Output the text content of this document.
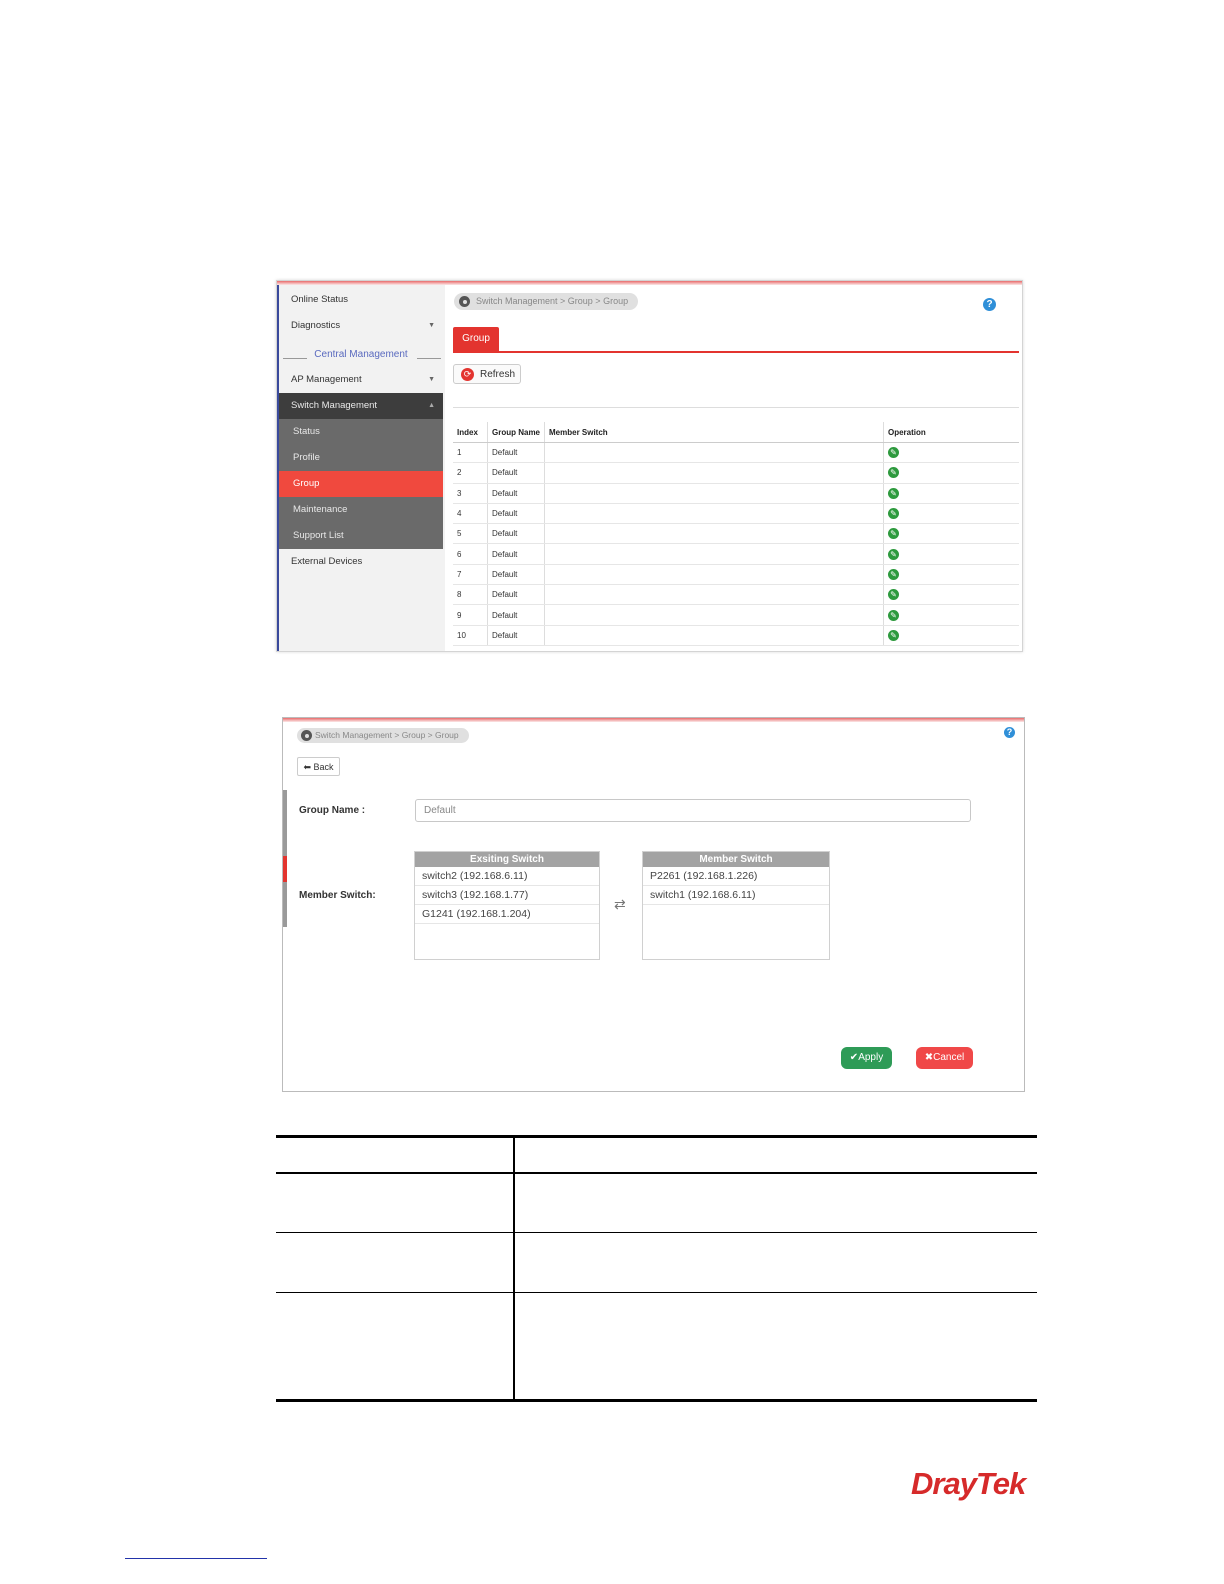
Online Status
Diagnostics	▼
Central Management
AP Management	▼
Switch Management	▲
Status
Profile
Group
Maintenance
Support List
External Devices
Switch Management > Group > Group	?
Group
⟳ Refresh
Index	Group Name	Member Switch	Operation
1	Default		✎
2	Default		✎
3	Default		✎
4	Default		✎
5	Default		✎
6	Default		✎
7	Default		✎
8	Default		✎
9	Default		✎
10	Default		✎
Switch Management > Group > Group	?
⬅ Back
Group Name :	Default
Member Switch:
Exsiting Switch
switch2 (192.168.6.11)
switch3 (192.168.1.77)
G1241 (192.168.1.204)
⇄
Member Switch
P2261 (192.168.1.226)
switch1 (192.168.6.11)
✔Apply	✖Cancel
DrayTek
